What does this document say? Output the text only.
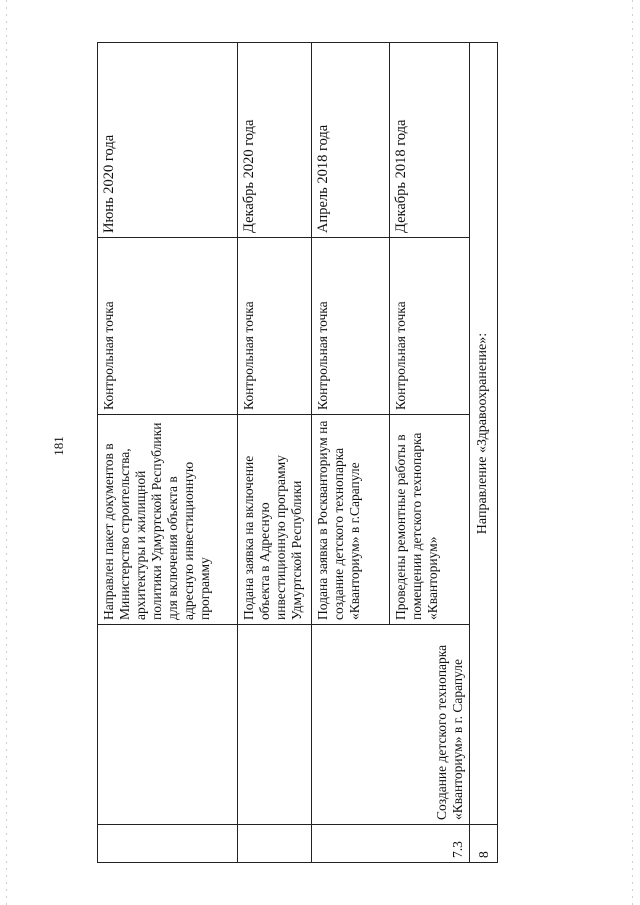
181
			Направлен пакет документов в Министерство строительства, архитектуры и жилищной политики Удмуртской Республики для включения объекта в адресную инвестиционную программу	Контрольная точка	Июнь 2020 года
		Подана заявка на включение объекта в Адресную инвестиционную программу Удмуртской Республики	Контрольная точка	Декабрь 2020 года
7.3	Создание детского технопарка «Кванториум» в г. Сарапуле	Подана заявка в Роскванториум на создание детского технопарка «Кванториум» в г.Сарапуле	Контрольная точка	Апрель 2018 года
		Проведены ремонтные работы в помещении детского технопарка «Кванториум»	Контрольная точка	Декабрь 2018 года
8	Направление «Здравоохранение»:			
